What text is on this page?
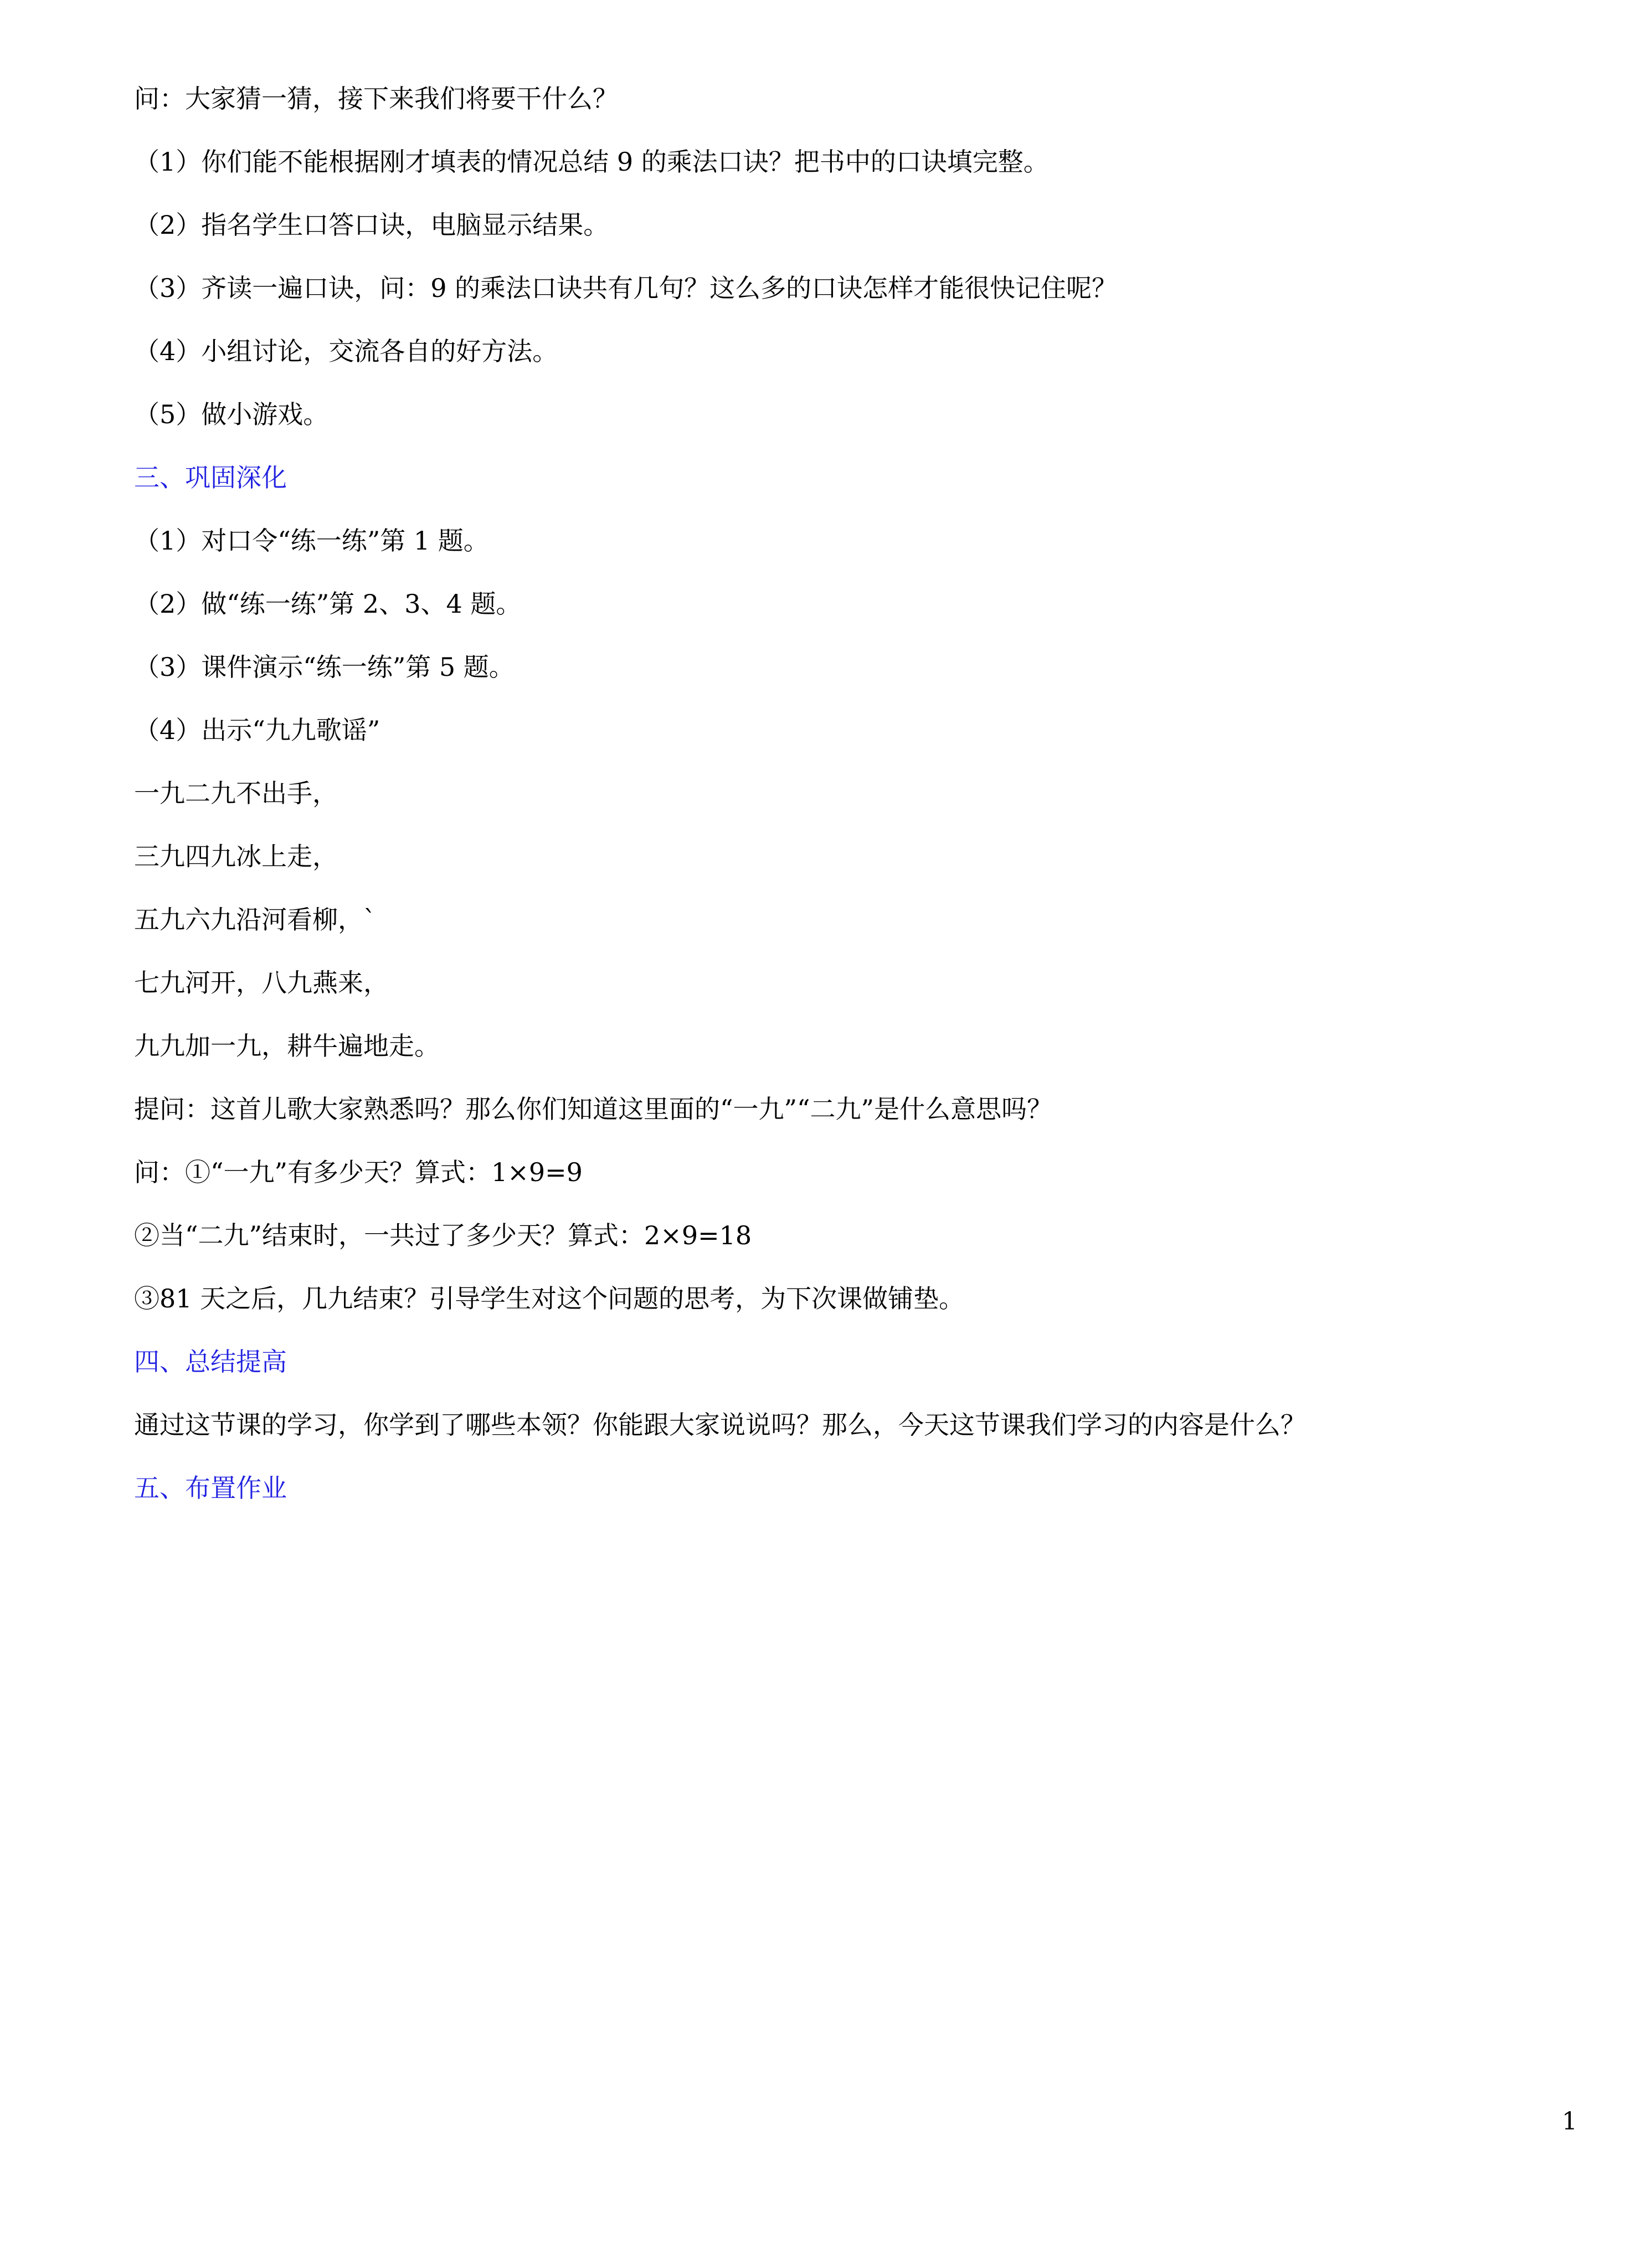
问：大家猜一猜，接下来我们将要干什么？
（1）你们能不能根据刚才填表的情况总结 9 的乘法口诀？把书中的口诀填完整。
（2）指名学生口答口诀，电脑显示结果。
（3）齐读一遍口诀，问：9 的乘法口诀共有几句？这么多的口诀怎样才能很快记住呢？
（4）小组讨论，交流各自的好方法。
（5）做小游戏。
三、巩固深化
（1）对口令“练一练”第 1 题。
（2）做“练一练”第 2、3、4 题。
（3）课件演示“练一练”第 5 题。
（4）出示“九九歌谣”
一九二九不出手，
三九四九冰上走，
五九六九沿河看柳，`
七九河开，八九燕来，
九九加一九，耕牛遍地走。
提问：这首儿歌大家熟悉吗？那么你们知道这里面的“一九”“二九”是什么意思吗？
问：①“一九”有多少天？算式：1×9=9
②当“二九”结束时，一共过了多少天？算式：2×9=18
③81 天之后，几九结束？引导学生对这个问题的思考，为下次课做铺垫。
四、总结提高
通过这节课的学习，你学到了哪些本领？你能跟大家说说吗？那么，今天这节课我们学习的内容是什么？
五、布置作业
1
